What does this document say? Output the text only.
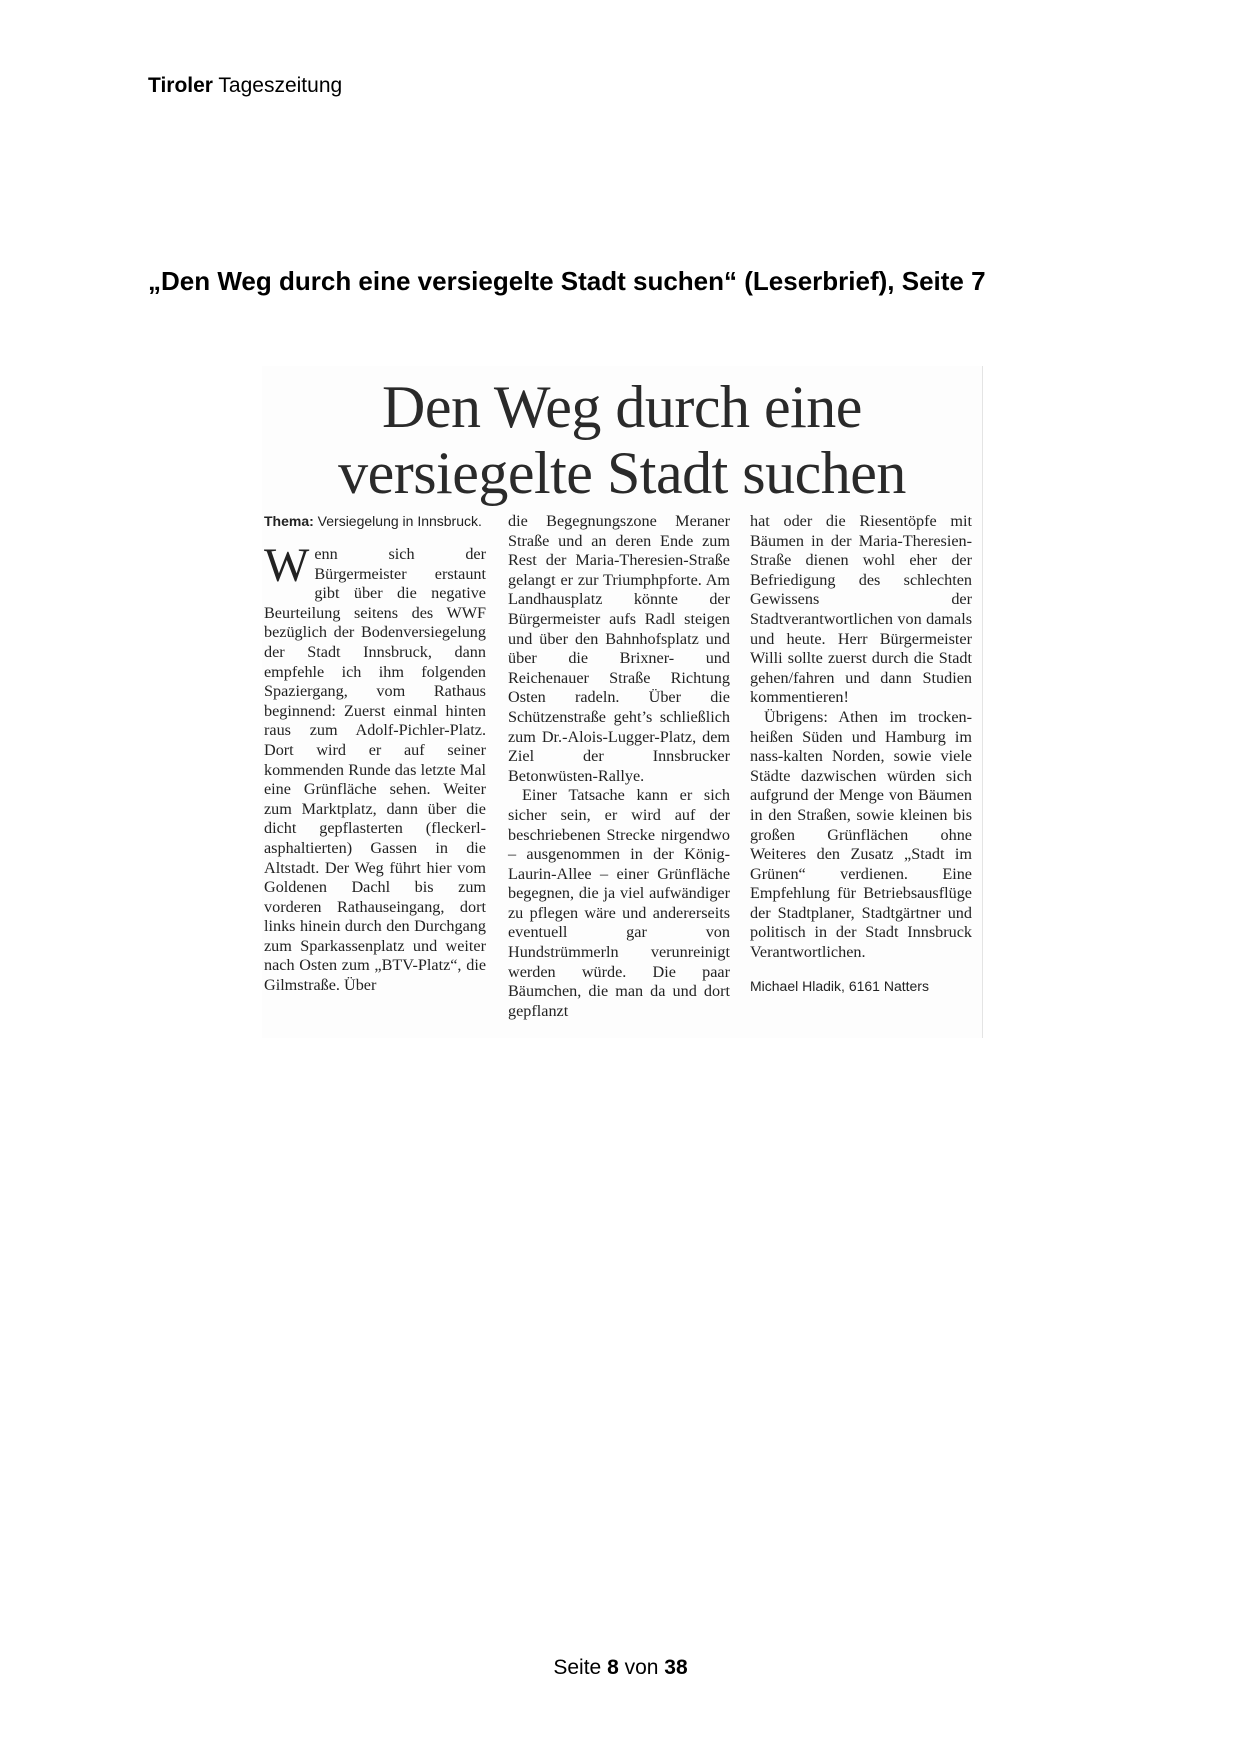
Tiroler Tageszeitung
„Den Weg durch eine versiegelte Stadt suchen“ (Leserbrief), Seite 7
Den Weg durch eine
versiegelte Stadt suchen

Thema: Versiegelung in Innsbruck.

Wenn sich der Bürgermeister erstaunt gibt über die negative Beurteilung seitens des WWF bezüglich der Bodenversiegelung der Stadt Innsbruck, dann empfehle ich ihm folgenden Spaziergang, vom Rathaus beginnend: Zuerst einmal hinten raus zum Adolf-Pichler-Platz. Dort wird er auf seiner kommenden Runde das letzte Mal eine Grünfläche sehen. Weiter zum Marktplatz, dann über die dicht gepflasterten (fleckerl-asphaltierten) Gassen in die Altstadt. Der Weg führt hier vom Goldenen Dachl bis zum vorderen Rathauseingang, dort links hinein durch den Durchgang zum Sparkassenplatz und weiter nach Osten zum „BTV-Platz“, die Gilmstraße. Über

die Begegnungszone Meraner Straße und an deren Ende zum Rest der Maria-Theresien-Straße gelangt er zur Triumphpforte. Am Landhausplatz könnte der Bürgermeister aufs Radl steigen und über den Bahnhofsplatz und über die Brixner- und Reichenauer Straße Richtung Osten radeln. Über die Schützenstraße geht’s schließlich zum Dr.-Alois-Lugger-Platz, dem Ziel der Innsbrucker Betonwüsten-Rallye.

Einer Tatsache kann er sich sicher sein, er wird auf der beschriebenen Strecke nirgendwo – ausgenommen in der König-Laurin-Allee – einer Grünfläche begegnen, die ja viel aufwändiger zu pflegen wäre und andererseits eventuell gar von Hundstrümmerln verunreinigt werden würde. Die paar Bäumchen, die man da und dort gepflanzt

hat oder die Riesentöpfe mit Bäumen in der Maria-Theresien-Straße dienen wohl eher der Befriedigung des schlechten Gewissens der Stadtverantwortlichen von damals und heute. Herr Bürgermeister Willi sollte zuerst durch die Stadt gehen/fahren und dann Studien kommentieren!

Übrigens: Athen im trocken-heißen Süden und Hamburg im nass-kalten Norden, sowie viele Städte dazwischen würden sich aufgrund der Menge von Bäumen in den Straßen, sowie kleinen bis großen Grünflächen ohne Weiteres den Zusatz „Stadt im Grünen“ verdienen. Eine Empfehlung für Betriebsausflüge der Stadtplaner, Stadtgärtner und politisch in der Stadt Innsbruck Verantwortlichen.

Michael Hladik, 6161 Natters

Seite 8 von 38
